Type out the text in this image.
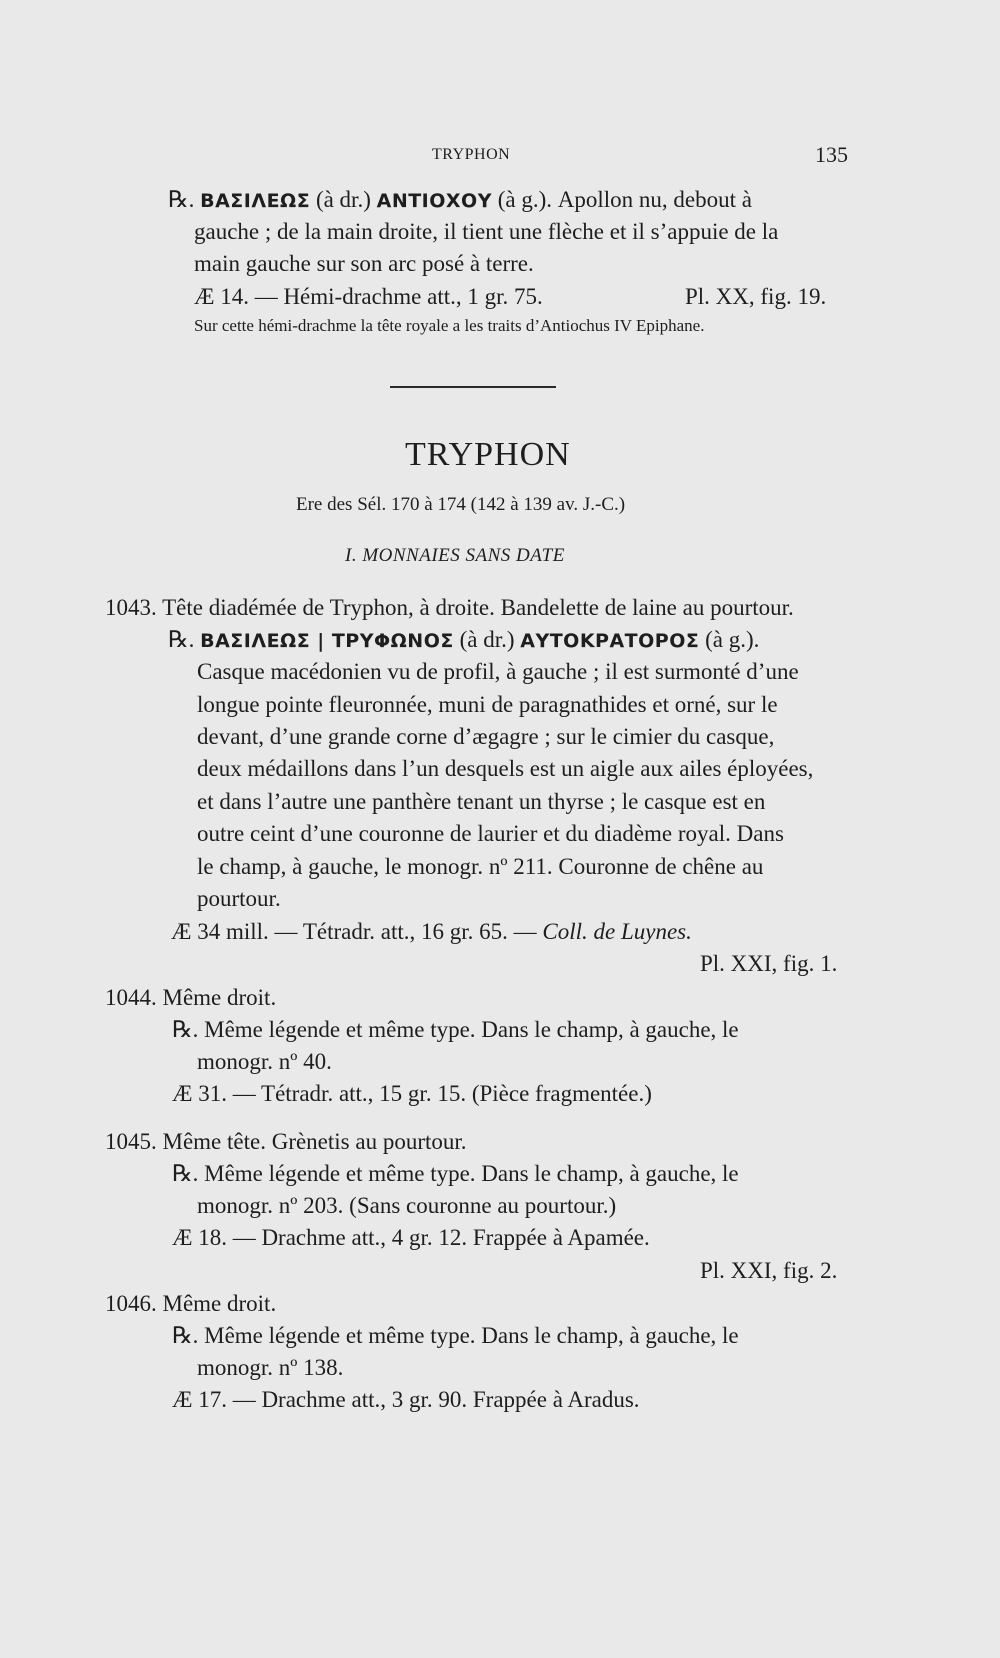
TRYPHON	135
℞. ΒΑΣΙΛΕΩΣ (à dr.) ΑΝΤΙΟΧΟΥ (à g.). Apollon nu, debout à
gauche ; de la main droite, il tient une flèche et il s’appuie de la
main gauche sur son arc posé à terre.
Æ 14. — Hémi-drachme att., 1 gr. 75.	Pl. XX, fig. 19.
Sur cette hémi-drachme la tête royale a les traits d’Antiochus IV Epiphane.
TRYPHON
Ere des Sél. 170 à 174 (142 à 139 av. J.-C.)
I. MONNAIES SANS DATE
1043. Tête diadémée de Tryphon, à droite. Bandelette de laine au pourtour.
℞. ΒΑΣΙΛΕΩΣ | ΤΡΥΦΩΝΟΣ (à dr.) ΑΥΤΟΚΡΑΤΟΡΟΣ (à g.).
Casque macédonien vu de profil, à gauche ; il est surmonté d’une
longue pointe fleuronnée, muni de paragnathides et orné, sur le
devant, d’une grande corne d’ægagre ; sur le cimier du casque,
deux médaillons dans l’un desquels est un aigle aux ailes éployées,
et dans l’autre une panthère tenant un thyrse ; le casque est en
outre ceint d’une couronne de laurier et du diadème royal. Dans
le champ, à gauche, le monogr. nº 211. Couronne de chêne au
pourtour.
Æ 34 mill. — Tétradr. att., 16 gr. 65. — Coll. de Luynes.
Pl. XXI, fig. 1.
1044. Même droit.
℞. Même légende et même type. Dans le champ, à gauche, le
monogr. nº 40.
Æ 31. — Tétradr. att., 15 gr. 15. (Pièce fragmentée.)
1045. Même tête. Grènetis au pourtour.
℞. Même légende et même type. Dans le champ, à gauche, le
monogr. nº 203. (Sans couronne au pourtour.)
Æ 18. — Drachme att., 4 gr. 12. Frappée à Apamée.
Pl. XXI, fig. 2.
1046. Même droit.
℞. Même légende et même type. Dans le champ, à gauche, le
monogr. nº 138.
Æ 17. — Drachme att., 3 gr. 90. Frappée à Aradus.
